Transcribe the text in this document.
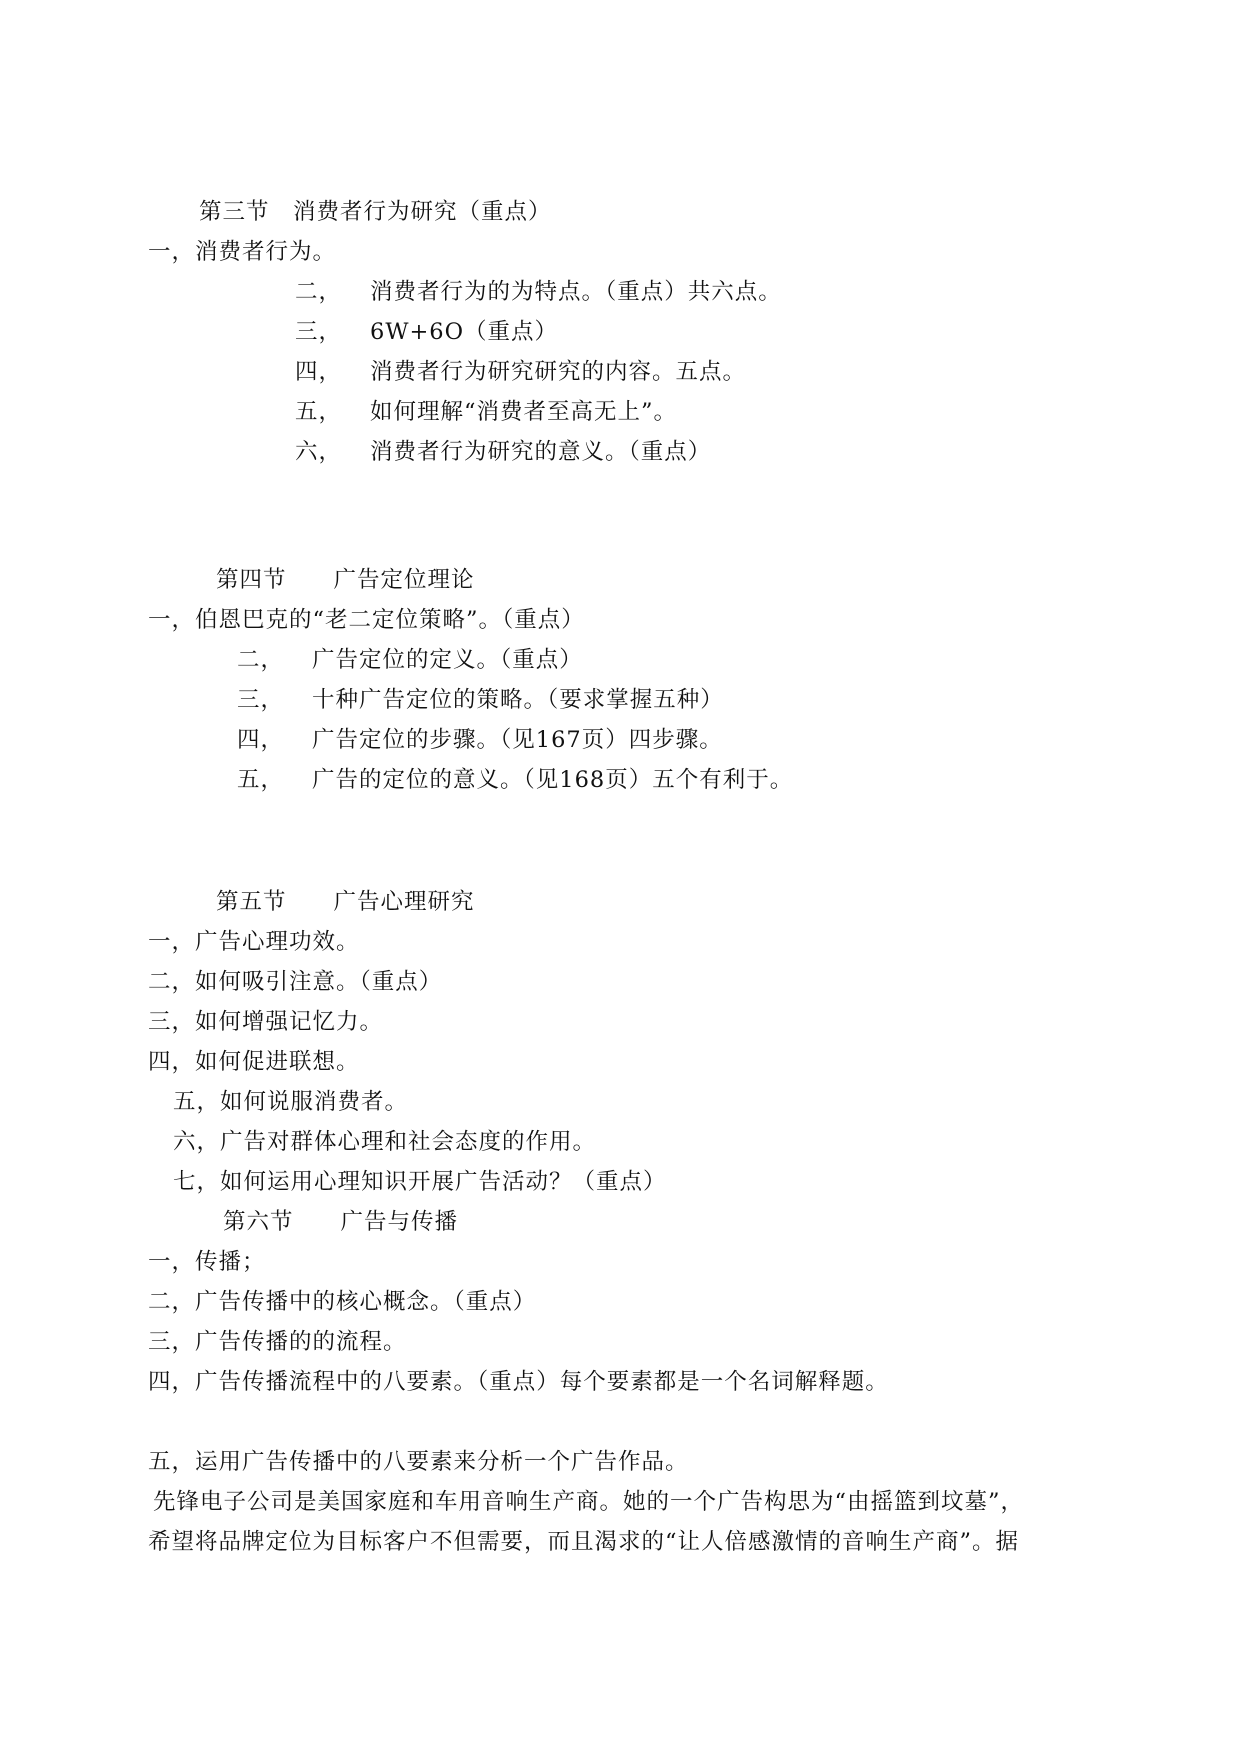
第三节　消费者行为研究（重点）
一，消费者行为。
二， 消费者行为的为特点。（重点）共六点。
三， 6W+6O（重点）
四， 消费者行为研究研究的内容。五点。
五， 如何理解“消费者至高无上”。
六， 消费者行为研究的意义。（重点）
第四节　　广告定位理论
一，伯恩巴克的“老二定位策略”。（重点）
二， 广告定位的定义。（重点）
三， 十种广告定位的策略。（要求掌握五种）
四， 广告定位的步骤。（见167页）四步骤。
五， 广告的定位的意义。（见168页）五个有利于。
第五节　　广告心理研究
一，广告心理功效。
二，如何吸引注意。（重点）
三，如何增强记忆力。
四，如何促进联想。
五，如何说服消费者。
六，广告对群体心理和社会态度的作用。
七，如何运用心理知识开展广告活动？（重点）
第六节　　广告与传播
一，传播；
二，广告传播中的核心概念。（重点）
三，广告传播的的流程。
四，广告传播流程中的八要素。（重点）每个要素都是一个名词解释题。
五，运用广告传播中的八要素来分析一个广告作品。
先锋电子公司是美国家庭和车用音响生产商。她的一个广告构思为“由摇篮到坟墓”，
希望将品牌定位为目标客户不但需要，而且渴求的“让人倍感激情的音响生产商”。据
